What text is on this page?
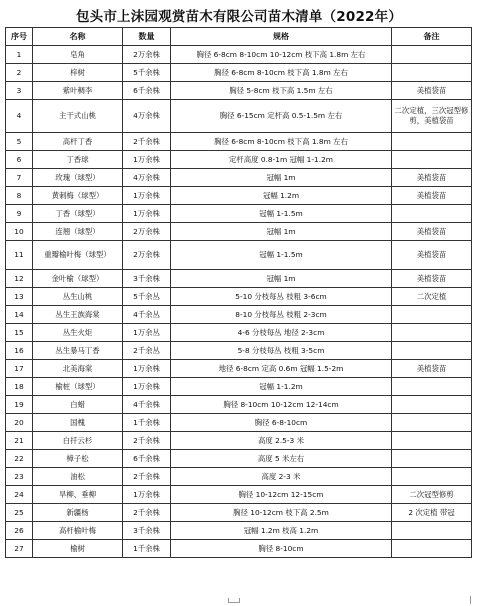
包头市上沫园观赏苗木有限公司苗木清单（2022年）
序号	名称	数量	规格	备注
1	皂角	2万余株	胸径 6-8cm 8-10cm 10-12cm 枝下高 1.8m 左右	
2	梓树	5千余株	胸径 6-8cm 8-10cm 枝下高 1.8m 左右	
3	紫叶稠李	6千余株	胸径 5-8cm 枝下高 1.5m 左右	美植袋苗
4	主干式山桃	4万余株	胸径 6-15cm 定杆高 0.5-1.5m 左右	二次定植，三次冠型修剪，美植袋苗
5	高杆丁香	2千余株	胸径 6-8cm 8-10cm 枝下高 1.8m 左右	
6	丁香球	1万余株	定杆高度 0.8-1m 冠幅 1-1.2m	
7	玫瑰（球型）	4万余株	冠幅 1m	美植袋苗
8	黄刺梅（球型）	1万余株	冠幅 1.2m	美植袋苗
9	丁香（球型）	1万余株	冠幅 1-1.5m	
10	连翘（球型）	2万余株	冠幅 1m	美植袋苗
11	重瓣榆叶梅（球型）	2万余株	冠幅 1-1.5m	美植袋苗
12	金叶榆（球型）	3千余株	冠幅 1m	美植袋苗
13	丛生山桃	5千余丛	5-10 分枝每丛 枝粗 3-6cm	二次定植
14	丛生王族海棠	4千余丛	8-10 分枝每丛 枝粗 2-3cm	
15	丛生火炬	1万余丛	4-6 分枝每丛 地径 2-3cm	
16	丛生暴马丁香	2千余丛	5-8 分枝每丛 枝粗 3-5cm	
17	北美海棠	1万余株	地径 6-8cm 定高 0.6m 冠幅 1.5-2m	美植袋苗
18	榆桩（球型）	1万余株	冠幅 1-1.2m	
19	白蜡	4千余株	胸径 8-10cm 10-12cm 12-14cm	
20	国槐	1千余株	胸径 6-8-10cm	
21	白扦云杉	2千余株	高度 2.5-3 米	
22	樟子松	6千余株	高度 5 米左右	
23	油松	2千余株	高度 2-3 米	
24	旱柳、垂柳	1万余株	胸径 10-12cm 12-15cm	二次冠型修剪
25	新疆杨	2千余株	胸径 10-12cm 枝下高 2.5m	2 次定植 带冠
26	高杆榆叶梅	3千余株	冠幅 1.2m 枝高 1.2m	
27	榆树	1千余株	胸径 8-10cm	
